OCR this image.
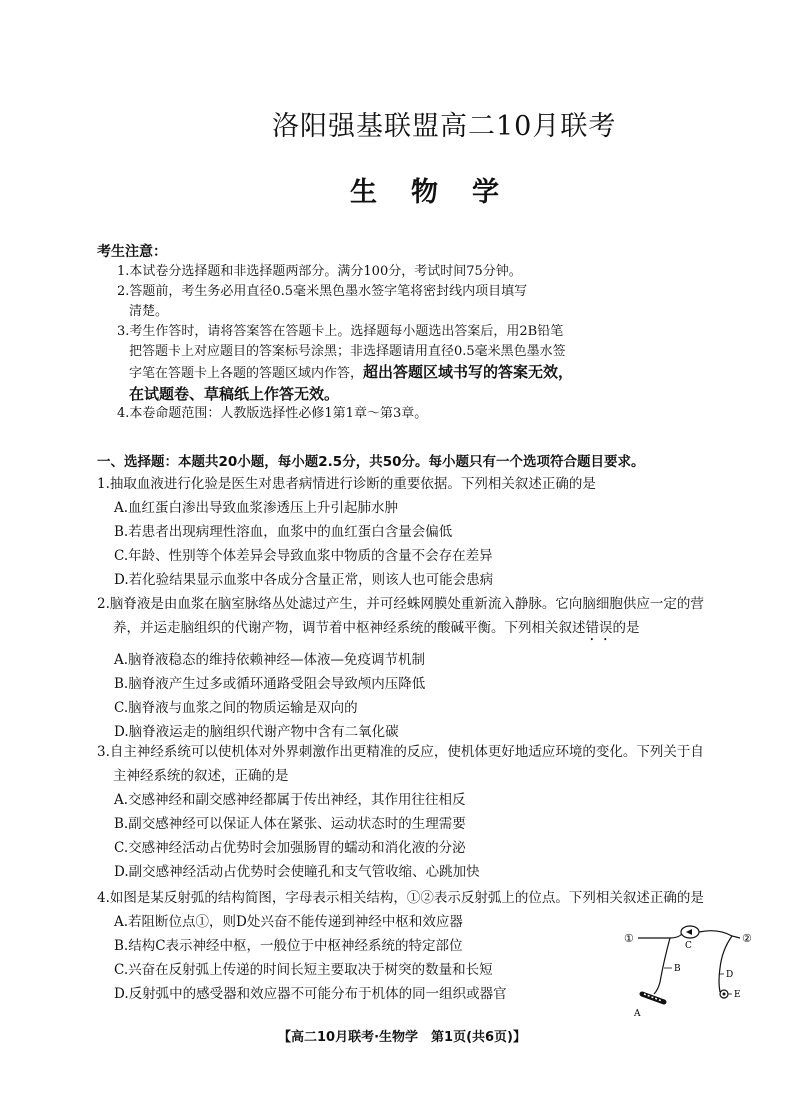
洛阳强基联盟高二10月联考
生物学
考生注意：
1.本试卷分选择题和非选择题两部分。满分100分，考试时间75分钟。
2.答题前，考生务必用直径0.5毫米黑色墨水签字笔将密封线内项目填写
清楚。
3.考生作答时，请将答案答在答题卡上。选择题每小题选出答案后，用2B铅笔
把答题卡上对应题目的答案标号涂黑；非选择题请用直径0.5毫米黑色墨水签
字笔在答题卡上各题的答题区域内作答，超出答题区域书写的答案无效，
在试题卷、草稿纸上作答无效。
4.本卷命题范围：人教版选择性必修1第1章～第3章。
一、选择题：本题共20小题，每小题2.5分，共50分。每小题只有一个选项符合题目要求。
1.抽取血液进行化验是医生对患者病情进行诊断的重要依据。下列相关叙述正确的是
A.血红蛋白渗出导致血浆渗透压上升引起肺水肿
B.若患者出现病理性溶血，血浆中的血红蛋白含量会偏低
C.年龄、性别等个体差异会导致血浆中物质的含量不会存在差异
D.若化验结果显示血浆中各成分含量正常，则该人也可能会患病
2.脑脊液是由血浆在脑室脉络丛处滤过产生，并可经蛛网膜处重新流入静脉。它向脑细胞供应一定的营
养，并运走脑组织的代谢产物，调节着中枢神经系统的酸碱平衡。下列相关叙述错误的是
A.脑脊液稳态的维持依赖神经—体液—免疫调节机制
B.脑脊液产生过多或循环通路受阻会导致颅内压降低
C.脑脊液与血浆之间的物质运输是双向的
D.脑脊液运走的脑组织代谢产物中含有二氧化碳
3.自主神经系统可以使机体对外界刺激作出更精准的反应，使机体更好地适应环境的变化。下列关于自
主神经系统的叙述，正确的是
A.交感神经和副交感神经都属于传出神经，其作用往往相反
B.副交感神经可以保证人体在紧张、运动状态时的生理需要
C.交感神经活动占优势时会加强肠胃的蠕动和消化液的分泌
D.副交感神经活动占优势时会使瞳孔和支气管收缩、心跳加快
4.如图是某反射弧的结构简图，字母表示相关结构，①②表示反射弧上的位点。下列相关叙述正确的是
A.若阻断位点①，则D处兴奋不能传递到神经中枢和效应器
B.结构C表示神经中枢，一般位于中枢神经系统的特定部位
C.兴奋在反射弧上传递的时间长短主要取决于树突的数量和长短
D.反射弧中的感受器和效应器不可能分布于机体的同一组织或器官
①	②
C
B
D
E
A
【高二10月联考·生物学　第1页(共6页)】
